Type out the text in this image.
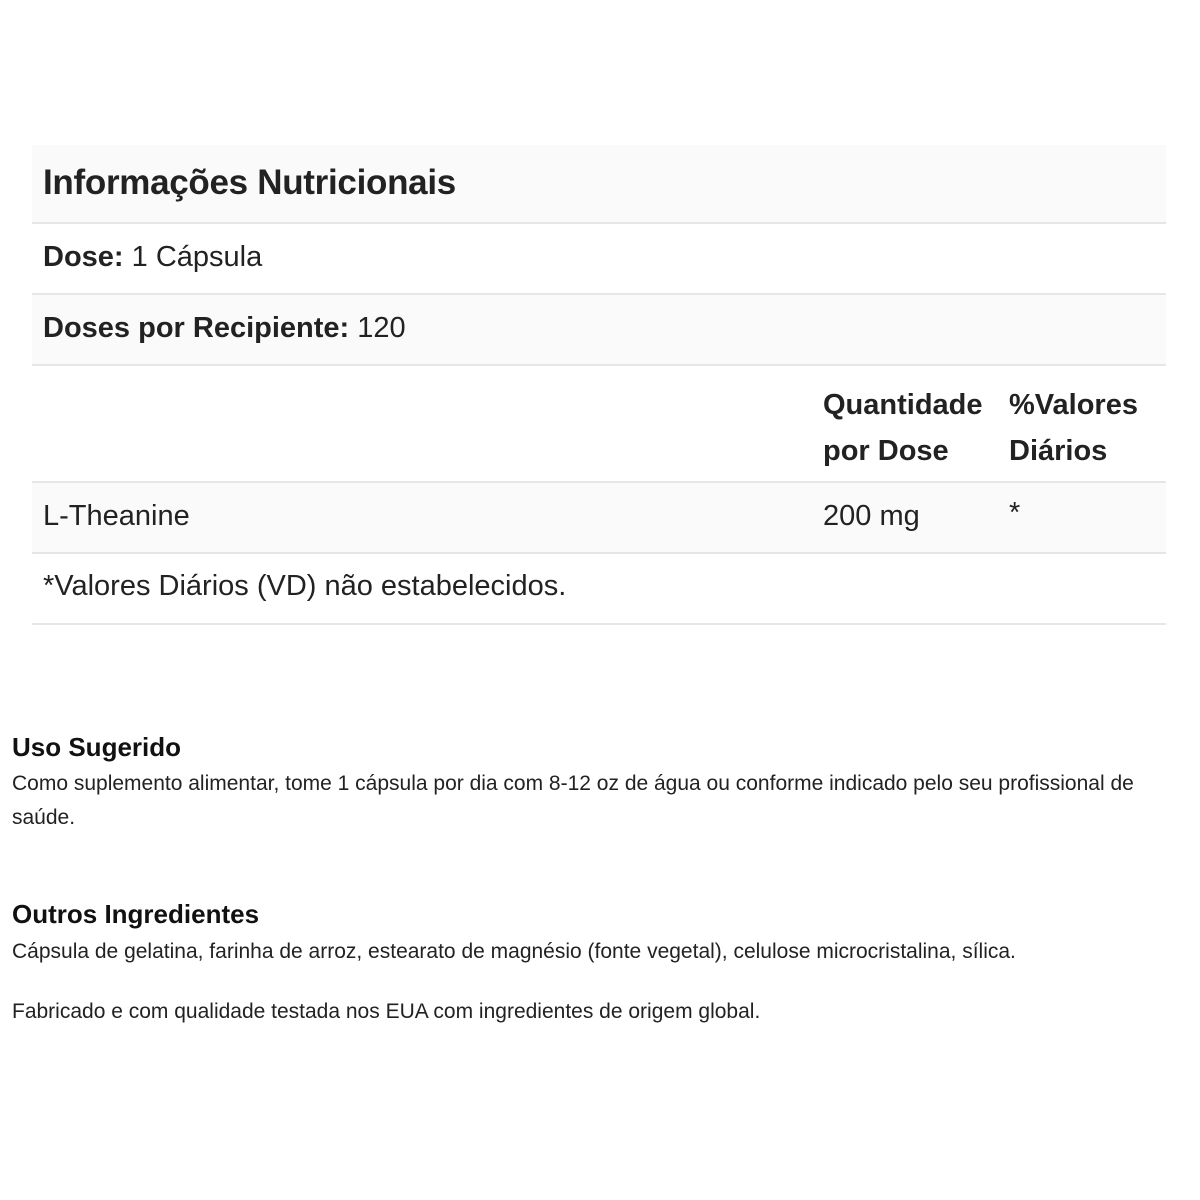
Informações Nutricionais
Dose: 1 Cápsula
Doses por Recipiente: 120
Quantidade
por Dose
%Valores
Diários
L-Theanine	200 mg	*
*Valores Diários (VD) não estabelecidos.
Uso Sugerido

Como suplemento alimentar, tome 1 cápsula por dia com 8-12 oz de água ou conforme indicado pelo seu profissional de saúde.

Outros Ingredientes

Cápsula de gelatina, farinha de arroz, estearato de magnésio (fonte vegetal), celulose microcristalina, sílica.

Fabricado e com qualidade testada nos EUA com ingredientes de origem global.
